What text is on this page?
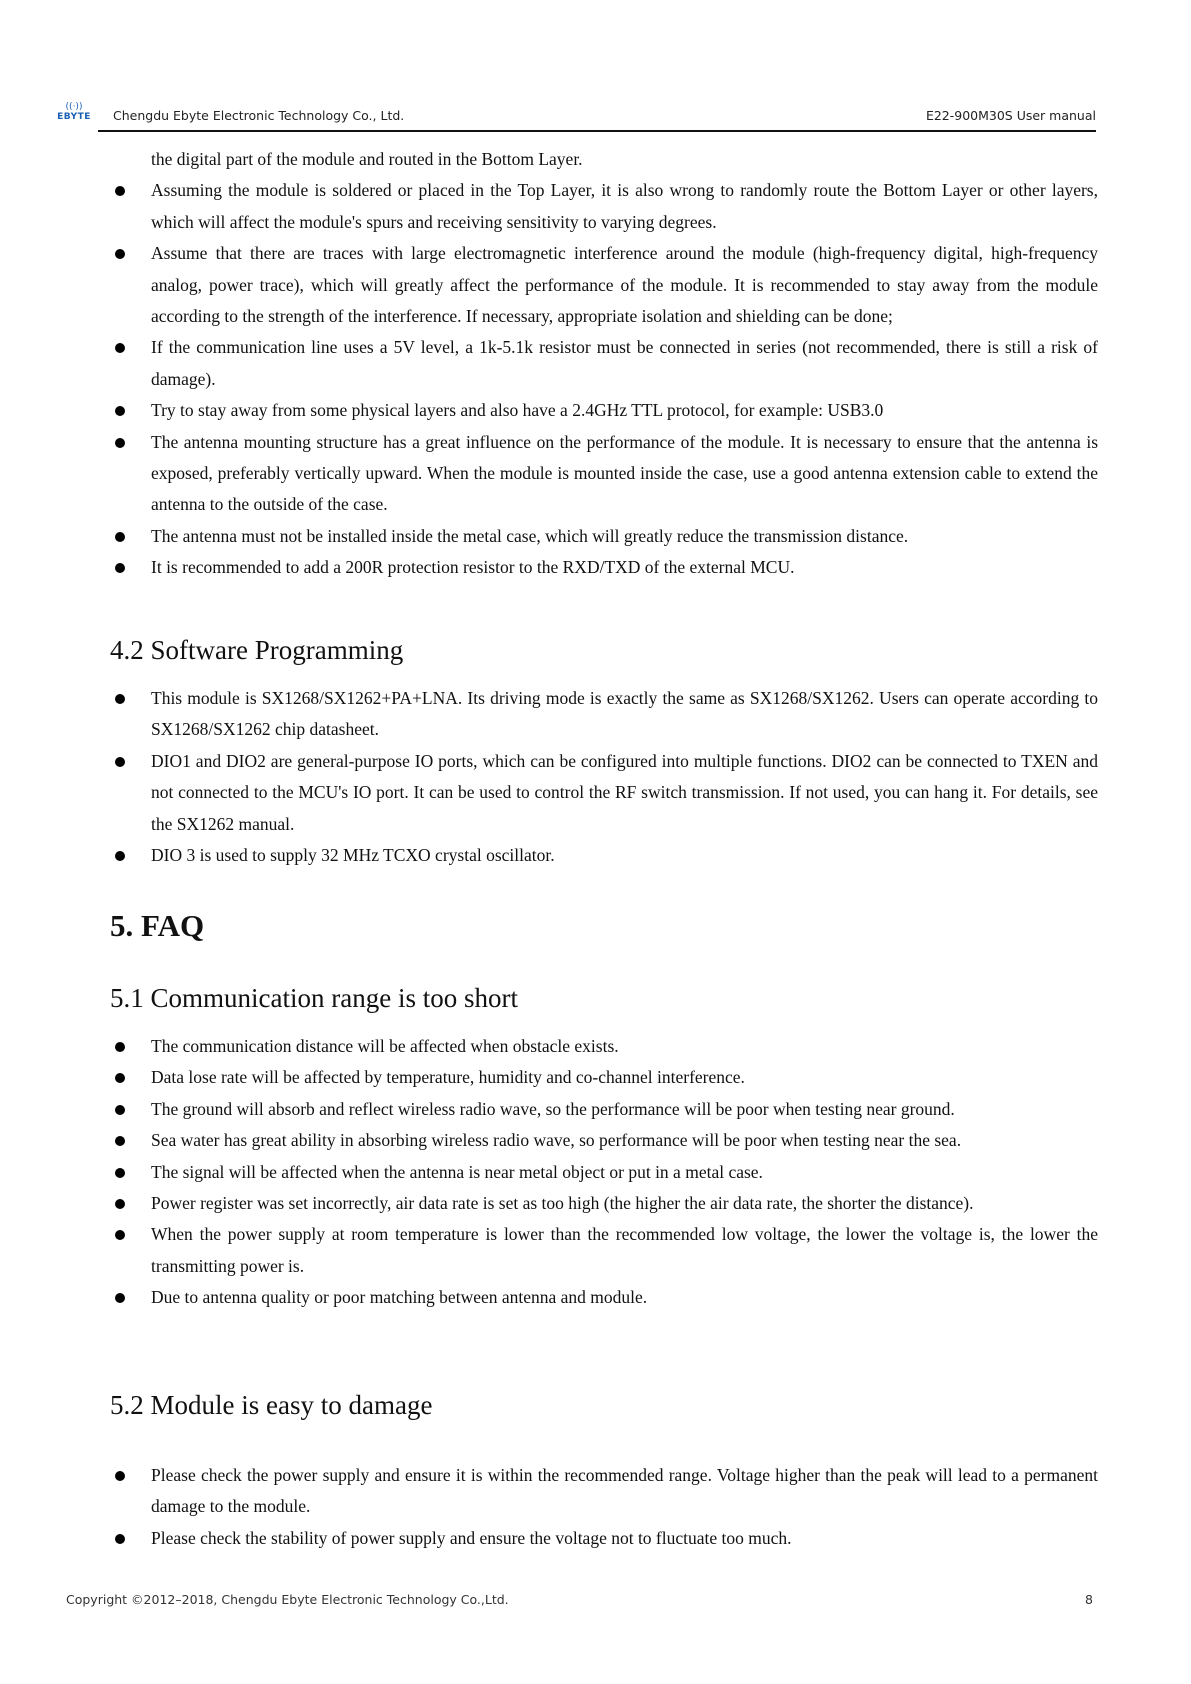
((·))
EBYTE	Chengdu Ebyte Electronic Technology Co., Ltd.	E22-900M30S User manual
the digital part of the module and routed in the Bottom Layer.
Assuming the module is soldered or placed in the Top Layer, it is also wrong to randomly route the Bottom Layer or other layers, which will affect the module's spurs and receiving sensitivity to varying degrees.
Assume that there are traces with large electromagnetic interference around the module (high-frequency digital, high-frequency analog, power trace), which will greatly affect the performance of the module. It is recommended to stay away from the module according to the strength of the interference. If necessary, appropriate isolation and shielding can be done;
If the communication line uses a 5V level, a 1k-5.1k resistor must be connected in series (not recommended, there is still a risk of damage).
Try to stay away from some physical layers and also have a 2.4GHz TTL protocol, for example: USB3.0
The antenna mounting structure has a great influence on the performance of the module. It is necessary to ensure that the antenna is exposed, preferably vertically upward. When the module is mounted inside the case, use a good antenna extension cable to extend the antenna to the outside of the case.
The antenna must not be installed inside the metal case, which will greatly reduce the transmission distance.
It is recommended to add a 200R protection resistor to the RXD/TXD of the external MCU.
4.2 Software Programming
This module is SX1268/SX1262+PA+LNA. Its driving mode is exactly the same as SX1268/SX1262. Users can operate according to SX1268/SX1262 chip datasheet.
DIO1 and DIO2 are general-purpose IO ports, which can be configured into multiple functions. DIO2 can be connected to TXEN and not connected to the MCU's IO port. It can be used to control the RF switch transmission. If not used, you can hang it. For details, see the SX1262 manual.
DIO 3 is used to supply 32 MHz TCXO crystal oscillator.
5. FAQ
5.1 Communication range is too short
The communication distance will be affected when obstacle exists.
Data lose rate will be affected by temperature, humidity and co-channel interference.
The ground will absorb and reflect wireless radio wave, so the performance will be poor when testing near ground.
Sea water has great ability in absorbing wireless radio wave, so performance will be poor when testing near the sea.
The signal will be affected when the antenna is near metal object or put in a metal case.
Power register was set incorrectly, air data rate is set as too high (the higher the air data rate, the shorter the distance).
When the power supply at room temperature is lower than the recommended low voltage, the lower the voltage is, the lower the transmitting power is.
Due to antenna quality or poor matching between antenna and module.
5.2 Module is easy to damage
Please check the power supply and ensure it is within the recommended range. Voltage higher than the peak will lead to a permanent damage to the module.
Please check the stability of power supply and ensure the voltage not to fluctuate too much.
Copyright ©2012–2018, Chengdu Ebyte Electronic Technology Co.,Ltd.	8
